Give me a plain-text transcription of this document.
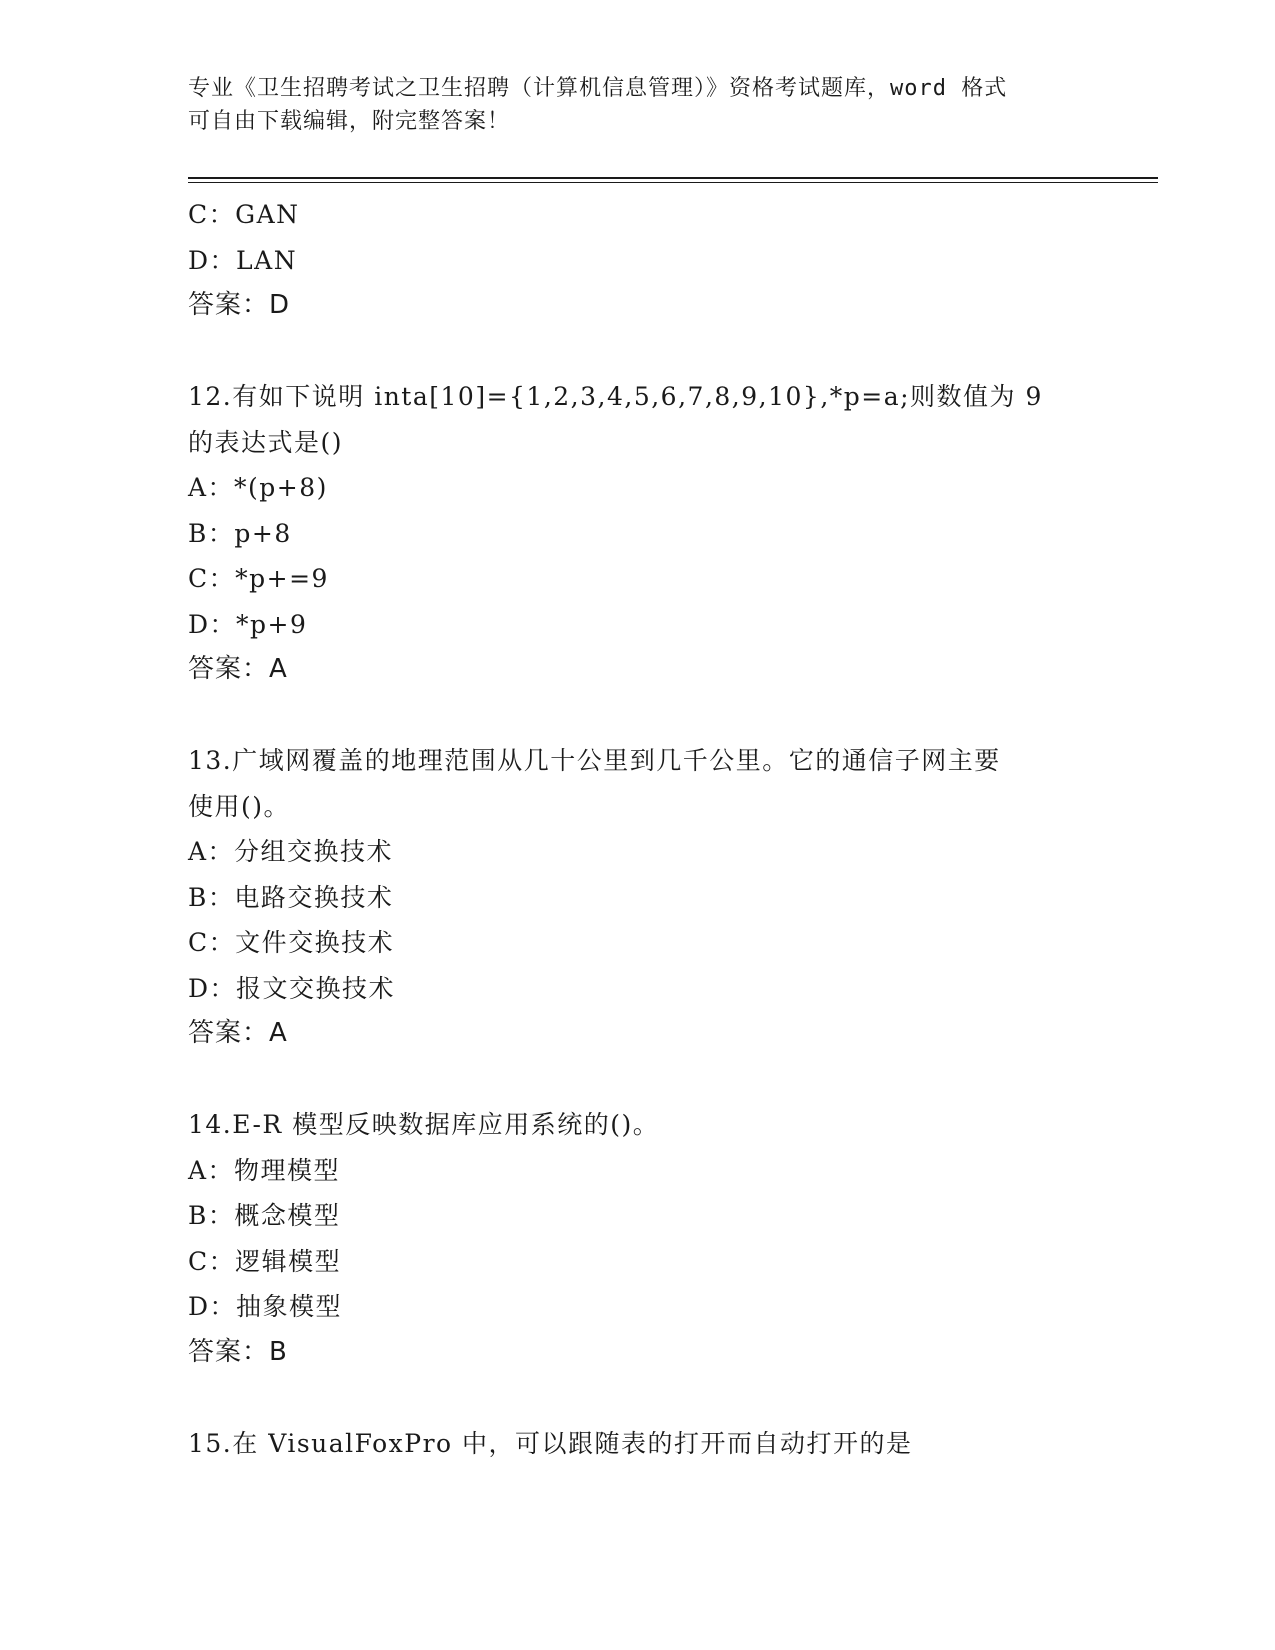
专业《卫生招聘考试之卫生招聘（计算机信息管理）》资格考试题库，word 格式
可自由下载编辑，附完整答案！
C：GAN
D：LAN
答案：D
12.有如下说明 inta[10]={1,2,3,4,5,6,7,8,9,10},*p=a;则数值为 9
的表达式是()
A：*(p+8)
B：p+8
C：*p+=9
D：*p+9
答案：A
13.广域网覆盖的地理范围从几十公里到几千公里。它的通信子网主要
使用()。
A：分组交换技术
B：电路交换技术
C：文件交换技术
D：报文交换技术
答案：A
14.E-R 模型反映数据库应用系统的()。
A：物理模型
B：概念模型
C：逻辑模型
D：抽象模型
答案：B
15.在 VisualFoxPro 中，可以跟随表的打开而自动打开的是
